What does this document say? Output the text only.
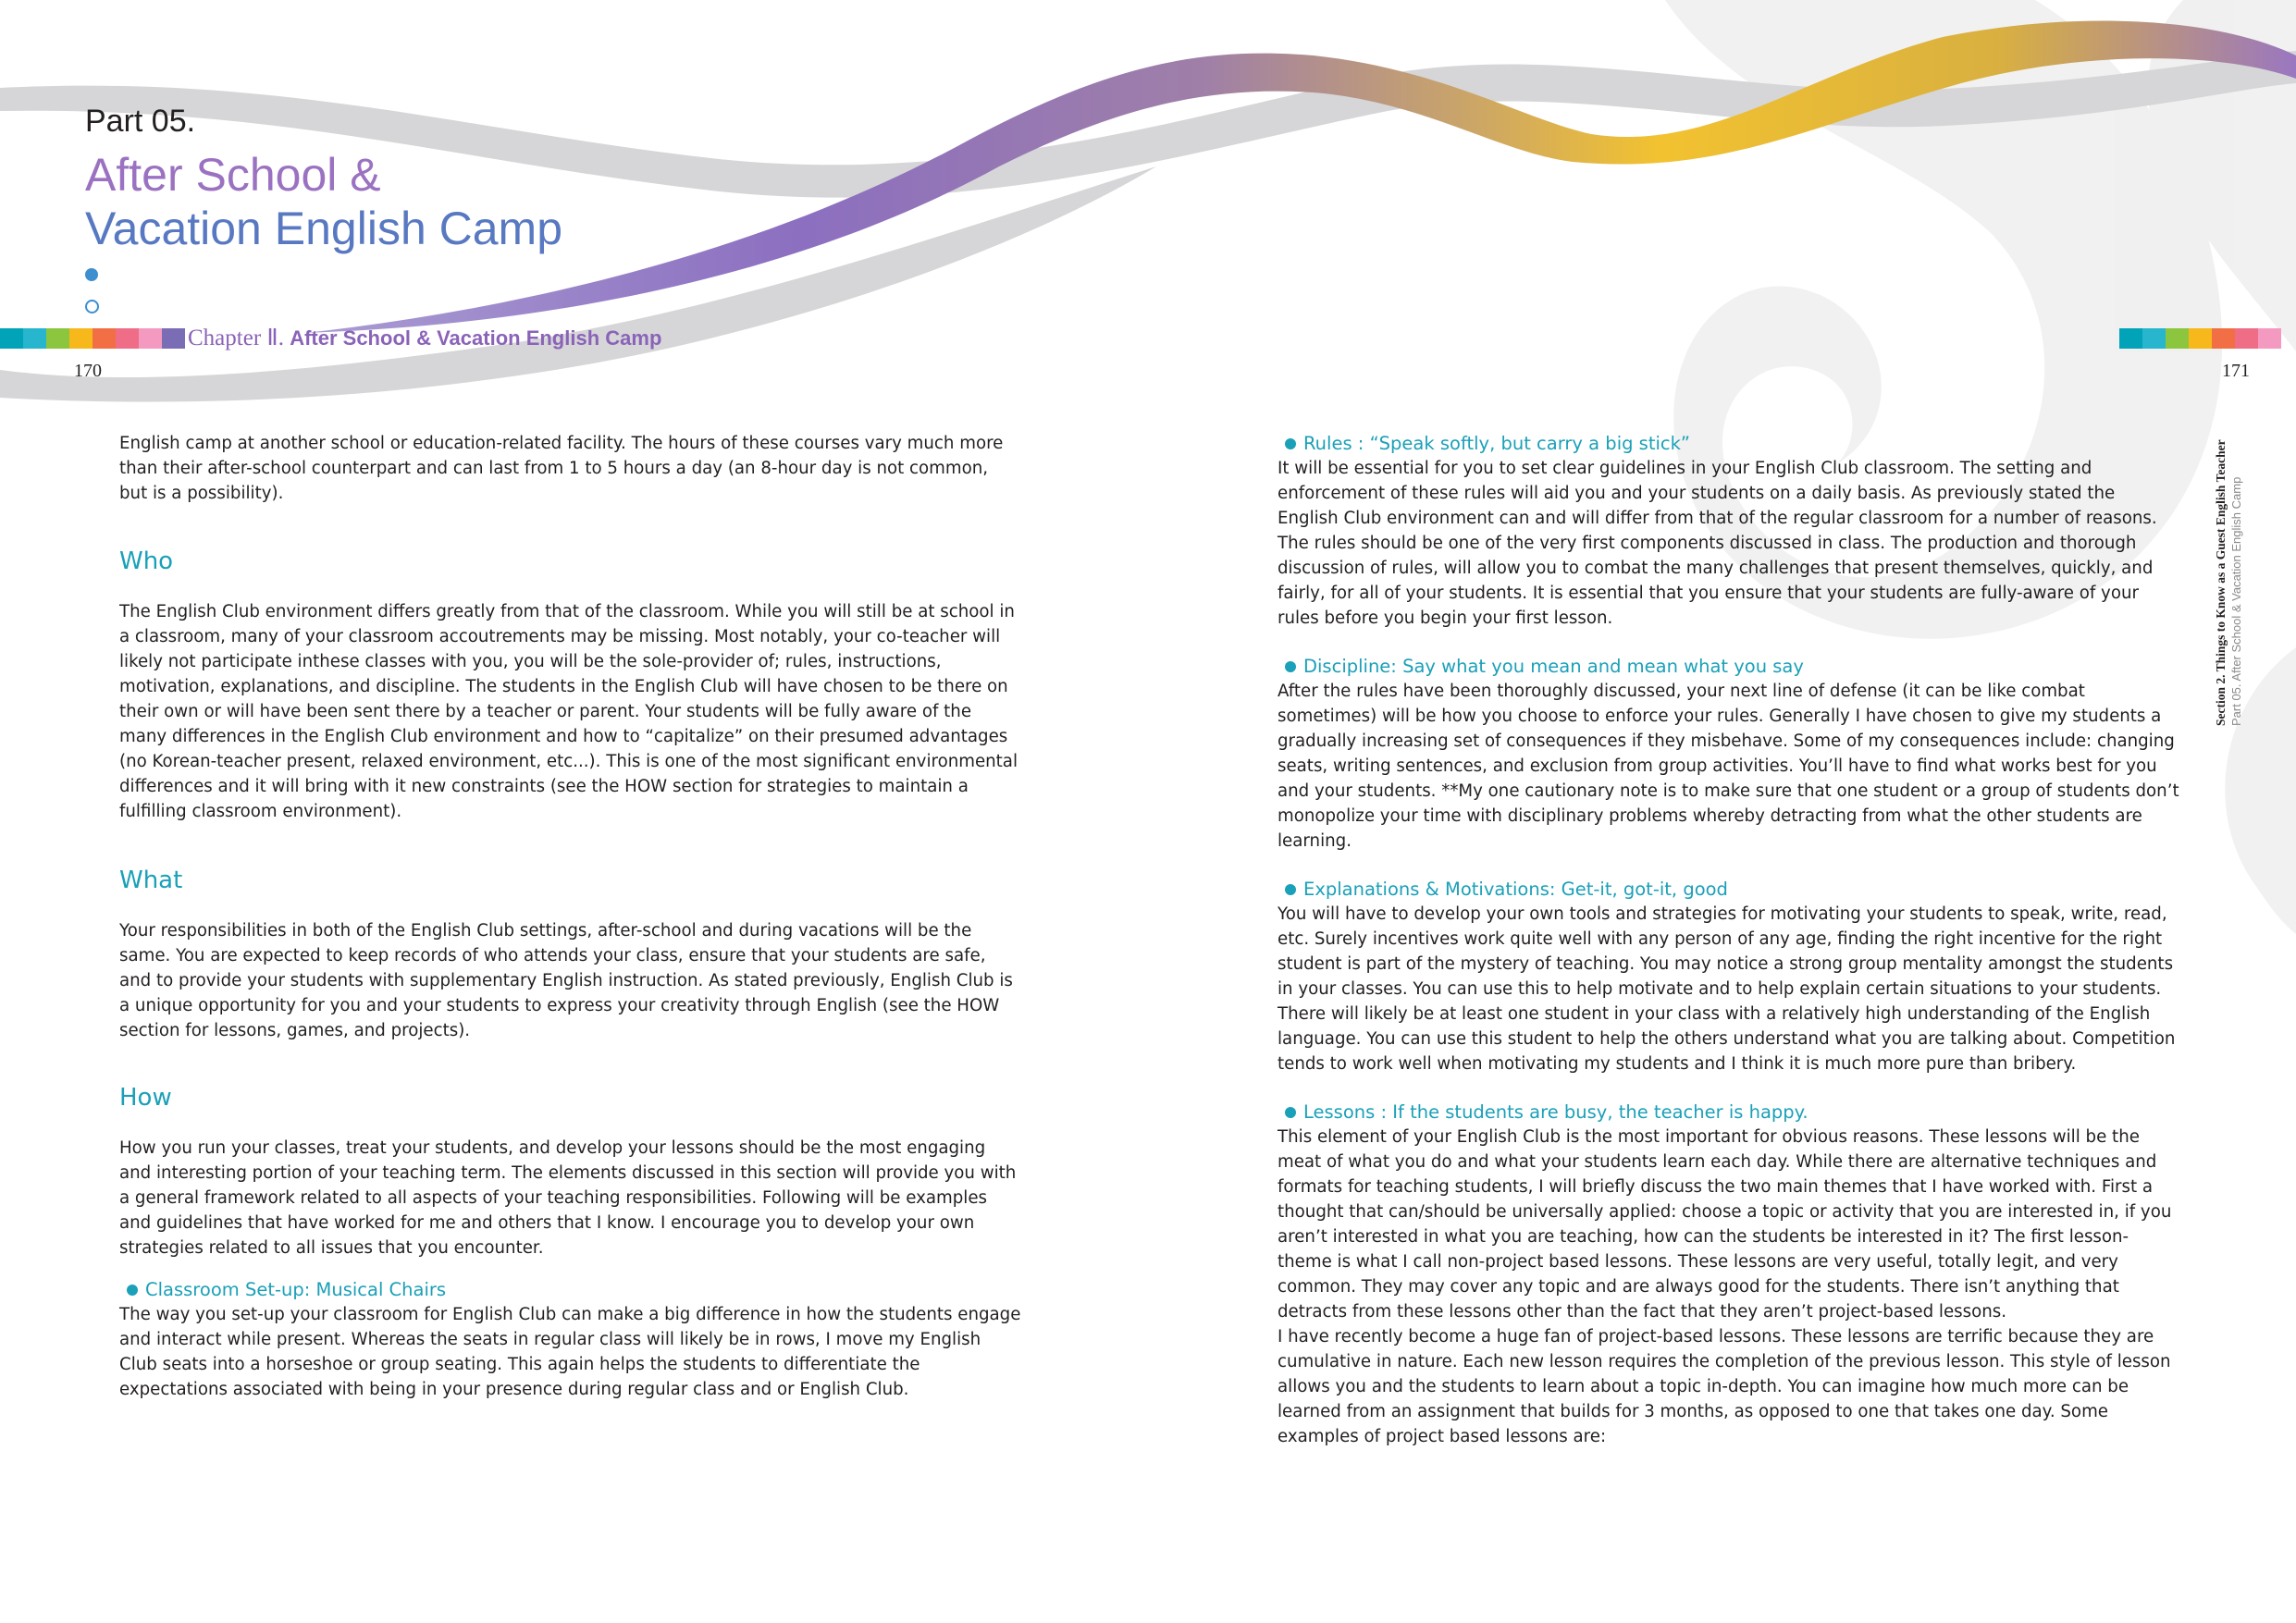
Part 05.
After School &
Vacation English Camp
Chapter Ⅱ. After School & Vacation English Camp
170	171
Section 2. Things to Know as a Guest English Teacher Part 05. After School & Vacation English Camp

English camp at another school or education-related facility. The hours of these courses vary much more than their after-school counterpart and can last from 1 to 5 hours a day (an 8-hour day is not common, but is a possibility).

Who

The English Club environment differs greatly from that of the classroom. While you will still be at school in a classroom, many of your classroom accoutrements may be missing. Most notably, your co-teacher will likely not participate inthese classes with you, you will be the sole-provider of; rules, instructions, motivation, explanations, and discipline. The students in the English Club will have chosen to be there on their own or will have been sent there by a teacher or parent. Your students will be fully aware of the many differences in the English Club environment and how to “capitalize” on their presumed advantages (no Korean-teacher present, relaxed environment, etc...). This is one of the most significant environmental differences and it will bring with it new constraints (see the HOW section for strategies to maintain a fulfilling classroom environment).

What

Your responsibilities in both of the English Club settings, after-school and during vacations will be the same. You are expected to keep records of who attends your class, ensure that your students are safe, and to provide your students with supplementary English instruction. As stated previously, English Club is a unique opportunity for you and your students to express your creativity through English (see the HOW section for lessons, games, and projects).

How

How you run your classes, treat your students, and develop your lessons should be the most engaging and interesting portion of your teaching term. The elements discussed in this section will provide you with a general framework related to all aspects of your teaching responsibilities. Following will be examples and guidelines that have worked for me and others that I know. I encourage you to develop your own strategies related to all issues that you encounter.

Classroom Set-up: Musical Chairs

The way you set-up your classroom for English Club can make a big difference in how the students engage and interact while present. Whereas the seats in regular class will likely be in rows, I move my English Club seats into a horseshoe or group seating. This again helps the students to differentiate the expectations associated with being in your presence during regular class and or English Club.

Rules : “Speak softly, but carry a big stick”

It will be essential for you to set clear guidelines in your English Club classroom. The setting and enforcement of these rules will aid you and your students on a daily basis. As previously stated the English Club environment can and will differ from that of the regular classroom for a number of reasons. The rules should be one of the very first components discussed in class. The production and thorough discussion of rules, will allow you to combat the many challenges that present themselves, quickly, and fairly, for all of your students. It is essential that you ensure that your students are fully-aware of your rules before you begin your first lesson.

Discipline: Say what you mean and mean what you say

After the rules have been thoroughly discussed, your next line of defense (it can be like combat sometimes) will be how you choose to enforce your rules. Generally I have chosen to give my students a gradually increasing set of consequences if they misbehave. Some of my consequences include: changing seats, writing sentences, and exclusion from group activities. You’ll have to find what works best for you and your students. **My one cautionary note is to make sure that one student or a group of students don’t monopolize your time with disciplinary problems whereby detracting from what the other students are learning.

Explanations & Motivations: Get-it, got-it, good

You will have to develop your own tools and strategies for motivating your students to speak, write, read, etc. Surely incentives work quite well with any person of any age, finding the right incentive for the right student is part of the mystery of teaching. You may notice a strong group mentality amongst the students in your classes. You can use this to help motivate and to help explain certain situations to your students. There will likely be at least one student in your class with a relatively high understanding of the English language. You can use this student to help the others understand what you are talking about. Competition tends to work well when motivating my students and I think it is much more pure than bribery.

Lessons : If the students are busy, the teacher is happy.

This element of your English Club is the most important for obvious reasons. These lessons will be the meat of what you do and what your students learn each day. While there are alternative techniques and formats for teaching students, I will briefly discuss the two main themes that I have worked with. First a thought that can/should be universally applied: choose a topic or activity that you are interested in, if you aren’t interested in what you are teaching, how can the students be interested in it? The first lesson-theme is what I call non-project based lessons. These lessons are very useful, totally legit, and very common. They may cover any topic and are always good for the students. There isn’t anything that detracts from these lessons other than the fact that they aren’t project-based lessons.

I have recently become a huge fan of project-based lessons. These lessons are terrific because they are cumulative in nature. Each new lesson requires the completion of the previous lesson. This style of lesson allows you and the students to learn about a topic in-depth. You can imagine how much more can be learned from an assignment that builds for 3 months, as opposed to one that takes one day. Some examples of project based lessons are:
